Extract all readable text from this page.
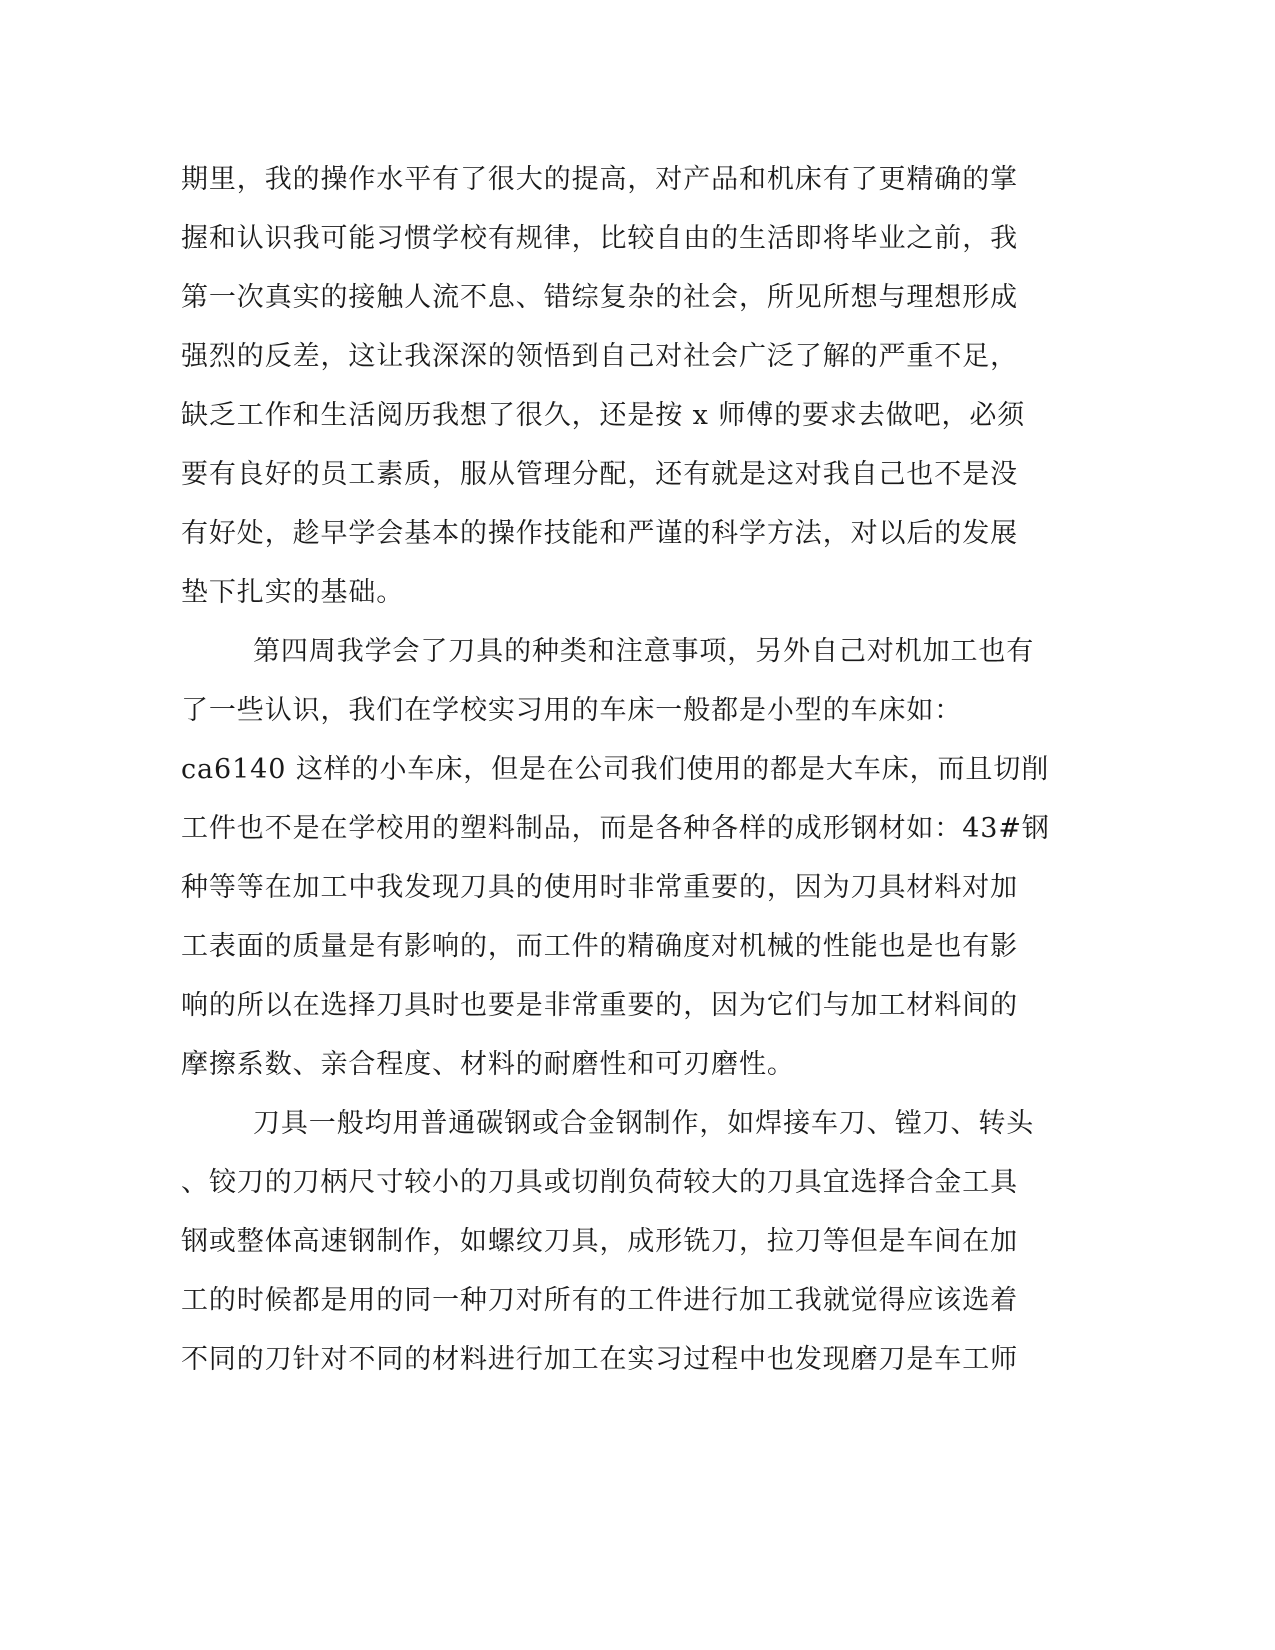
期里，我的操作水平有了很大的提高，对产品和机床有了更精确的掌
握和认识我可能习惯学校有规律，比较自由的生活即将毕业之前，我
第一次真实的接触人流不息、错综复杂的社会，所见所想与理想形成
强烈的反差，这让我深深的领悟到自己对社会广泛了解的严重不足，
缺乏工作和生活阅历我想了很久，还是按 x 师傅的要求去做吧，必须
要有良好的员工素质，服从管理分配，还有就是这对我自己也不是没
有好处，趁早学会基本的操作技能和严谨的科学方法，对以后的发展
垫下扎实的基础。
第四周我学会了刀具的种类和注意事项，另外自己对机加工也有
了一些认识，我们在学校实习用的车床一般都是小型的车床如：
ca6140 这样的小车床，但是在公司我们使用的都是大车床，而且切削
工件也不是在学校用的塑料制品，而是各种各样的成形钢材如：43#钢
种等等在加工中我发现刀具的使用时非常重要的，因为刀具材料对加
工表面的质量是有影响的，而工件的精确度对机械的性能也是也有影
响的所以在选择刀具时也要是非常重要的，因为它们与加工材料间的
摩擦系数、亲合程度、材料的耐磨性和可刃磨性。
刀具一般均用普通碳钢或合金钢制作，如焊接车刀、镗刀、转头
、铰刀的刀柄尺寸较小的刀具或切削负荷较大的刀具宜选择合金工具
钢或整体高速钢制作，如螺纹刀具，成形铣刀，拉刀等但是车间在加
工的时候都是用的同一种刀对所有的工件进行加工我就觉得应该选着
不同的刀针对不同的材料进行加工在实习过程中也发现磨刀是车工师
